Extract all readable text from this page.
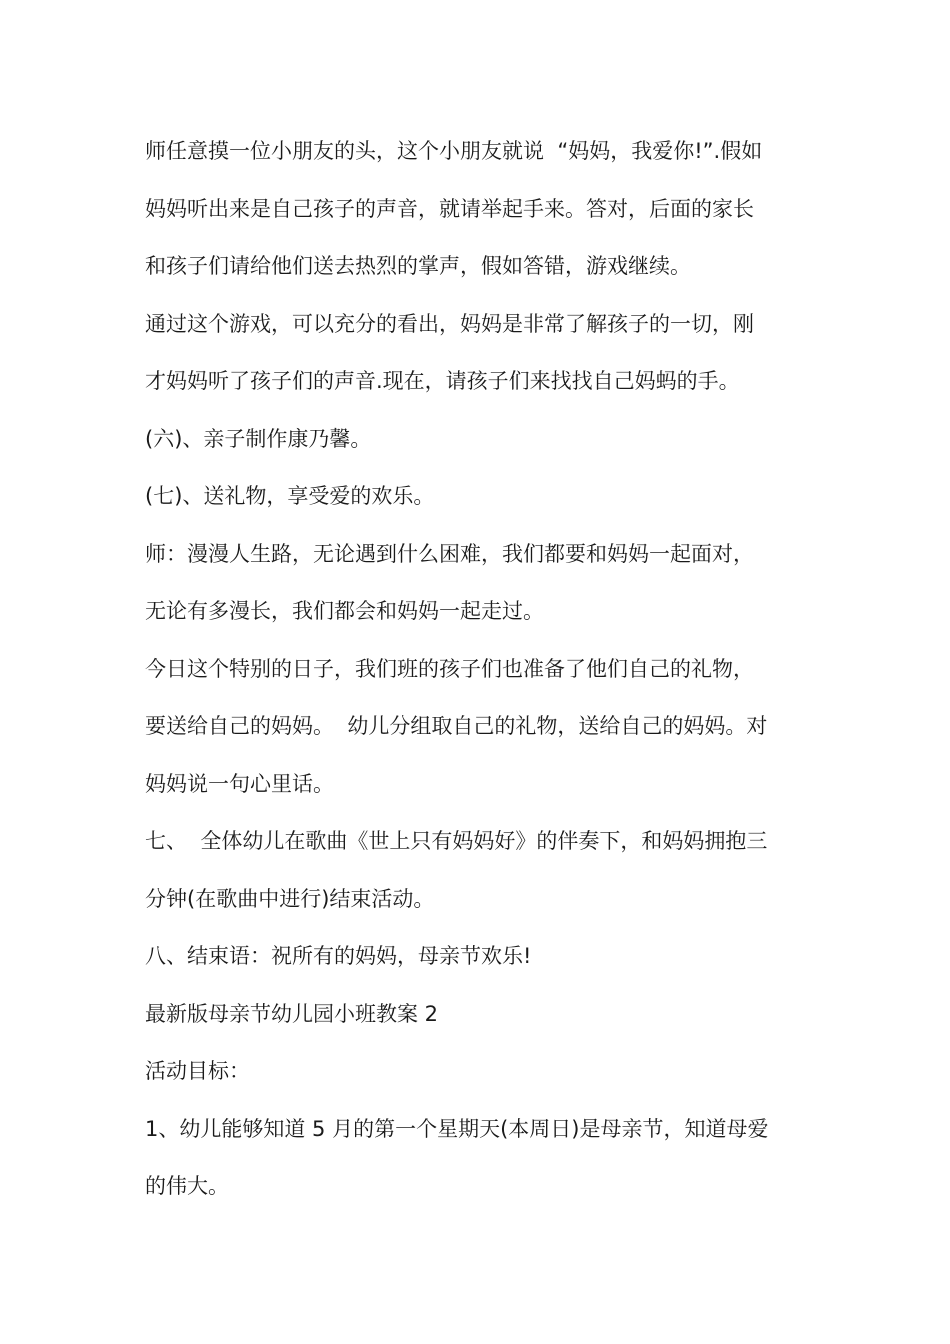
师任意摸一位小朋友的头，这个小朋友就说  “妈妈，我爱你!”.假如
妈妈听出来是自己孩子的声音，就请举起手来。答对，后面的家长
和孩子们请给他们送去热烈的掌声，假如答错，游戏继续。
通过这个游戏，可以充分的看出，妈妈是非常了解孩子的一切，刚
才妈妈听了孩子们的声音.现在，请孩子们来找找自己妈蚂的手。
(六)、亲子制作康乃馨。
(七)、送礼物，享受爱的欢乐。
师：漫漫人生路，无论遇到什么困难，我们都要和妈妈一起面对，
无论有多漫长，我们都会和妈妈一起走过。
今日这个特别的日子，我们班的孩子们也准备了他们自己的礼物，
要送给自己的妈妈。  幼儿分组取自己的礼物，送给自己的妈妈。对
妈妈说一句心里话。
七、  全体幼儿在歌曲《世上只有妈妈好》的伴奏下，和妈妈拥抱三
分钟(在歌曲中进行)结束活动。
八、结束语：祝所有的妈妈，母亲节欢乐!
最新版母亲节幼儿园小班教案 2
活动目标：
1、幼儿能够知道 5 月的第一个星期天(本周日)是母亲节，知道母爱
的伟大。
